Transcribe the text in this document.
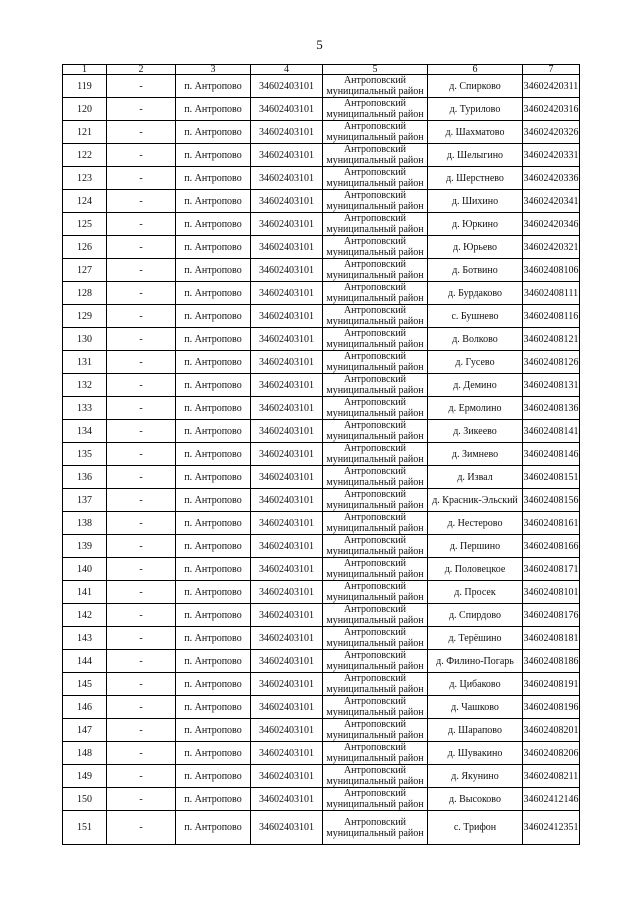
5
1	2	3	4	5	6	7
119	-	п. Антропово	34602403101	Антроповский муниципальный район	д. Спирково	34602420311
120	-	п. Антропово	34602403101	Антроповский муниципальный район	д. Турилово	34602420316
121	-	п. Антропово	34602403101	Антроповский муниципальный район	д. Шахматово	34602420326
122	-	п. Антропово	34602403101	Антроповский муниципальный район	д. Шелыгино	34602420331
123	-	п. Антропово	34602403101	Антроповский муниципальный район	д. Шерстнево	34602420336
124	-	п. Антропово	34602403101	Антроповский муниципальный район	д. Шихино	34602420341
125	-	п. Антропово	34602403101	Антроповский муниципальный район	д. Юркино	34602420346
126	-	п. Антропово	34602403101	Антроповский муниципальный район	д. Юрьево	34602420321
127	-	п. Антропово	34602403101	Антроповский муниципальный район	д. Ботвино	34602408106
128	-	п. Антропово	34602403101	Антроповский муниципальный район	д. Бурдаково	34602408111
129	-	п. Антропово	34602403101	Антроповский муниципальный район	с. Бушнево	34602408116
130	-	п. Антропово	34602403101	Антроповский муниципальный район	д. Волково	34602408121
131	-	п. Антропово	34602403101	Антроповский муниципальный район	д. Гусево	34602408126
132	-	п. Антропово	34602403101	Антроповский муниципальный район	д. Демино	34602408131
133	-	п. Антропово	34602403101	Антроповский муниципальный район	д. Ермолино	34602408136
134	-	п. Антропово	34602403101	Антроповский муниципальный район	д. Зикеево	34602408141
135	-	п. Антропово	34602403101	Антроповский муниципальный район	д. Зимнево	34602408146
136	-	п. Антропово	34602403101	Антроповский муниципальный район	д. Извал	34602408151
137	-	п. Антропово	34602403101	Антроповский муниципальный район	д. Красник-Эльский	34602408156
138	-	п. Антропово	34602403101	Антроповский муниципальный район	д. Нестерово	34602408161
139	-	п. Антропово	34602403101	Антроповский муниципальный район	д. Першино	34602408166
140	-	п. Антропово	34602403101	Антроповский муниципальный район	д. Половецкое	34602408171
141	-	п. Антропово	34602403101	Антроповский муниципальный район	д. Просек	34602408101
142	-	п. Антропово	34602403101	Антроповский муниципальный район	д. Спирдово	34602408176
143	-	п. Антропово	34602403101	Антроповский муниципальный район	д. Терёшино	34602408181
144	-	п. Антропово	34602403101	Антроповский муниципальный район	д. Филино-Погарь	34602408186
145	-	п. Антропово	34602403101	Антроповский муниципальный район	д. Цибаково	34602408191
146	-	п. Антропово	34602403101	Антроповский муниципальный район	д. Чашково	34602408196
147	-	п. Антропово	34602403101	Антроповский муниципальный район	д. Шарапово	34602408201
148	-	п. Антропово	34602403101	Антроповский муниципальный район	д. Шувакино	34602408206
149	-	п. Антропово	34602403101	Антроповский муниципальный район	д. Якунино	34602408211
150	-	п. Антропово	34602403101	Антроповский муниципальный район	д. Высоково	34602412146
151	-	п. Антропово	34602403101	Антроповский муниципальный район	с. Трифон	34602412351
